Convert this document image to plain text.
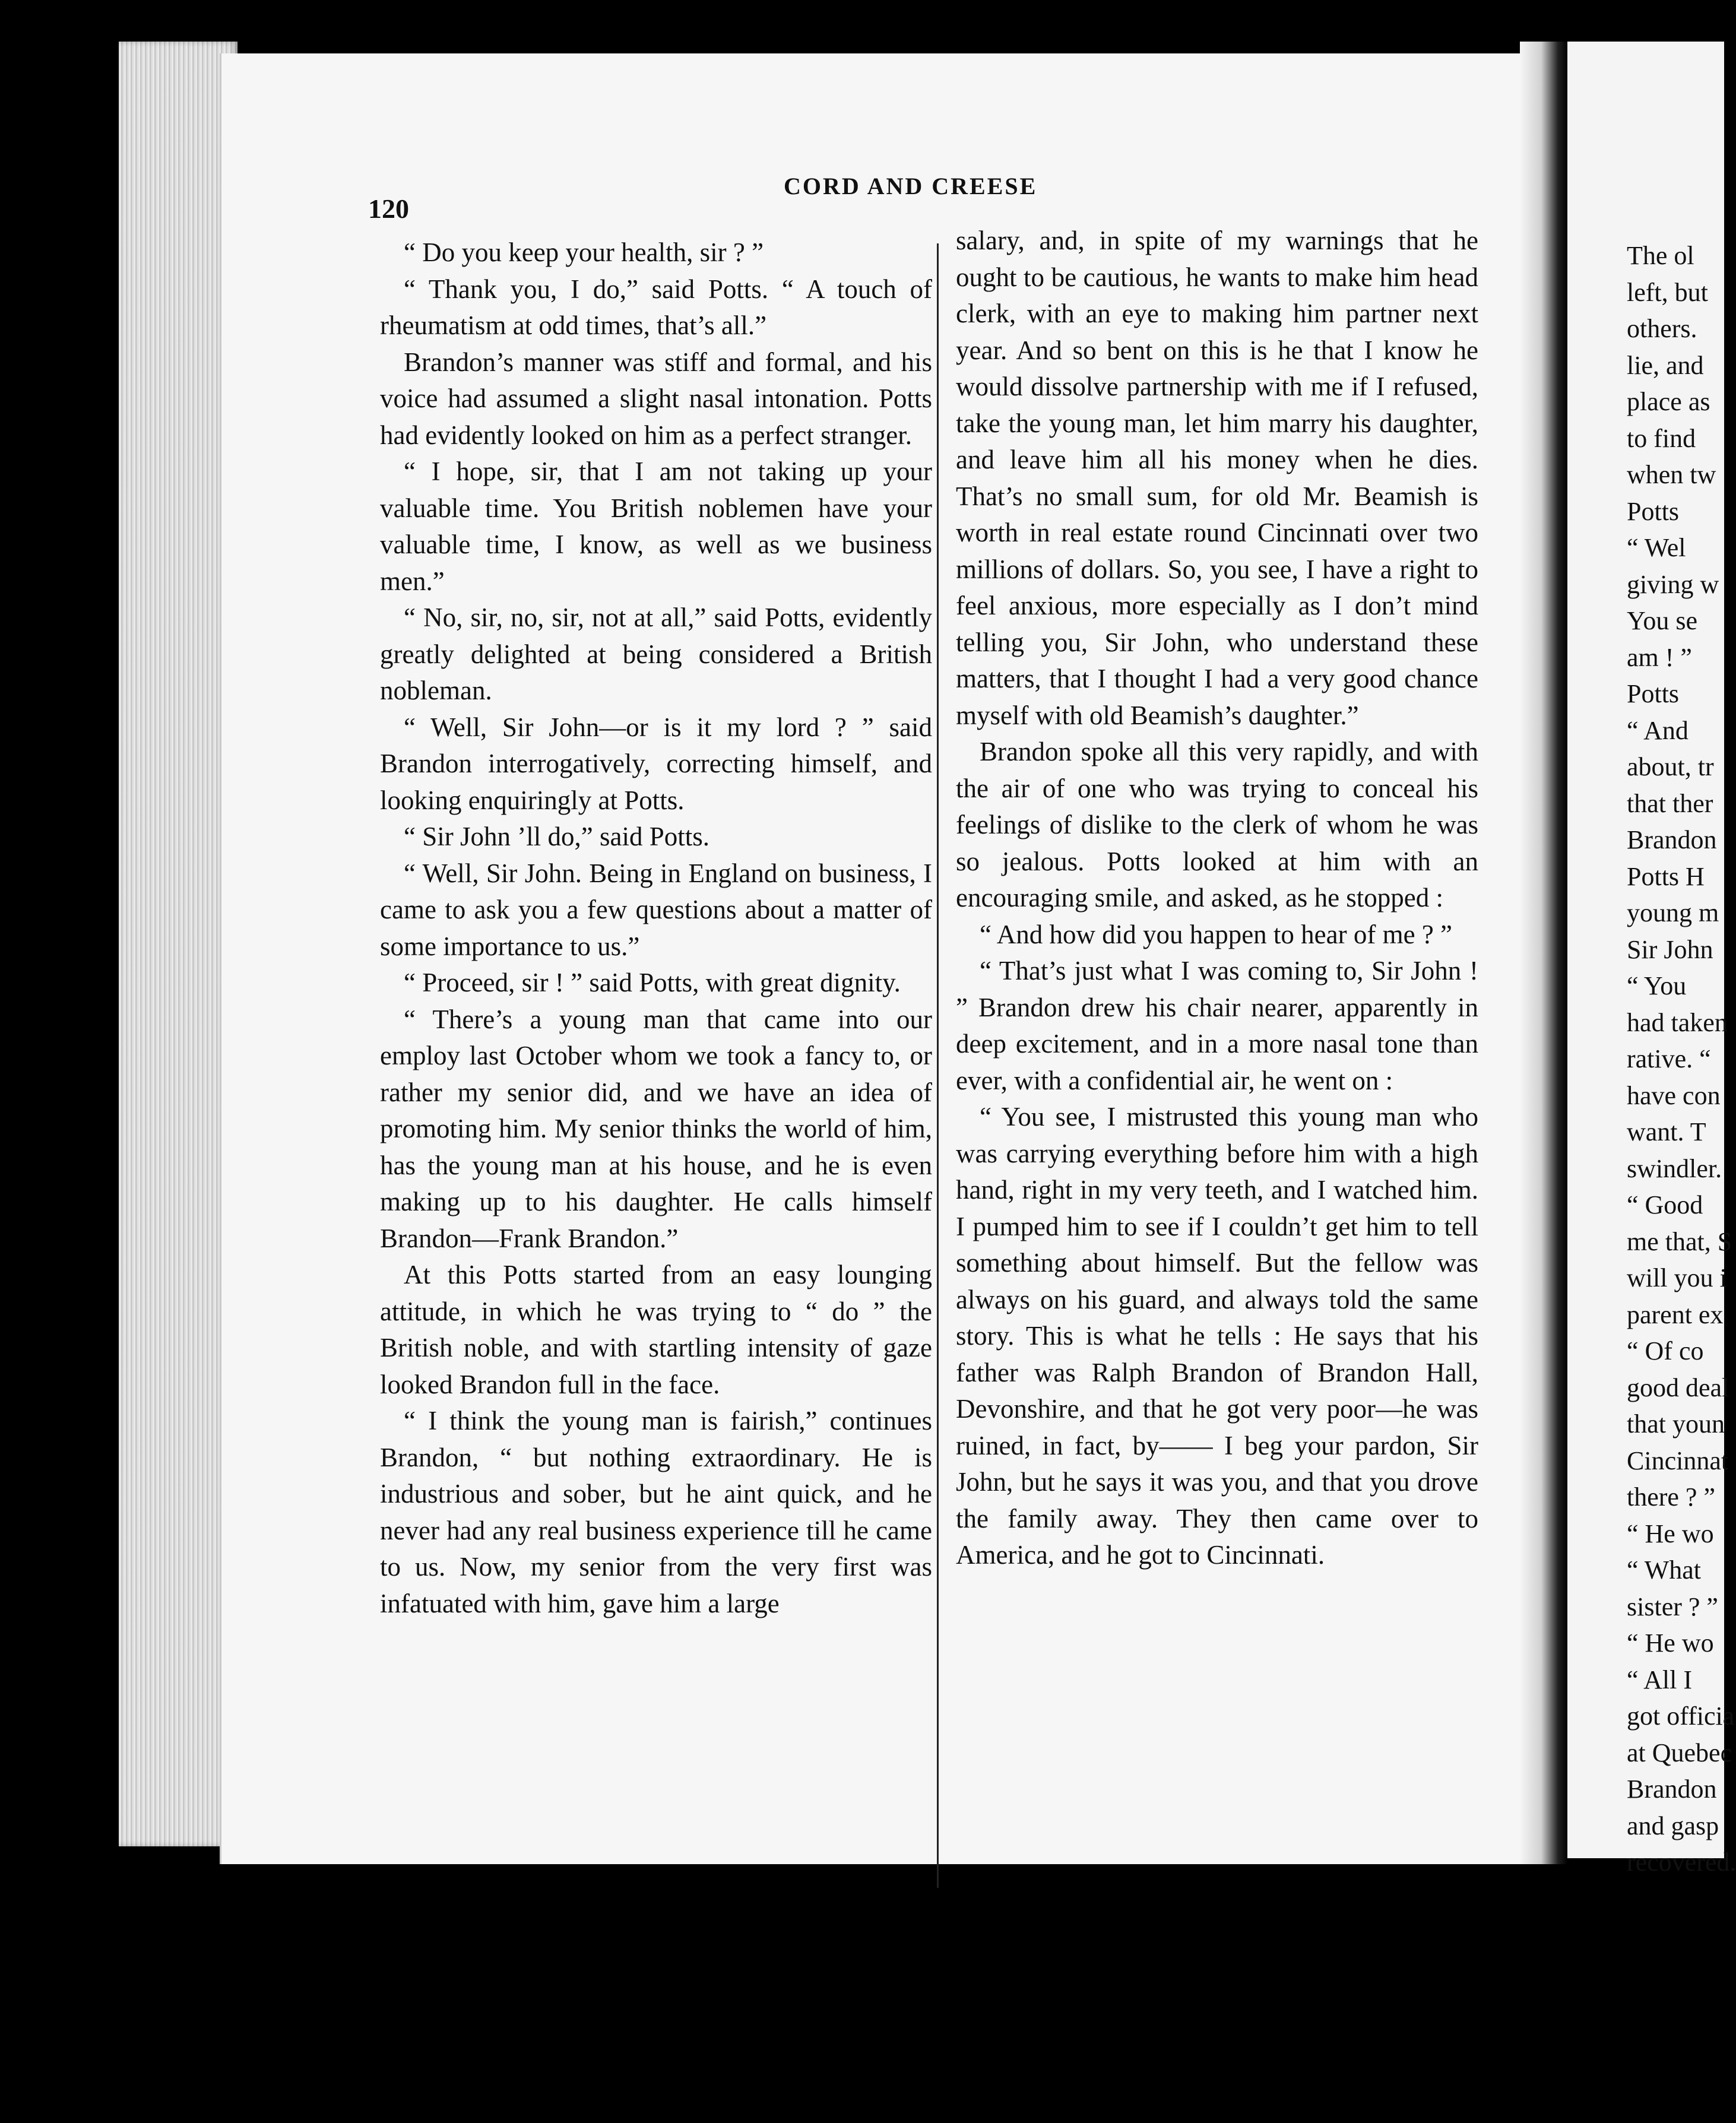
The ol
left, but
others.
lie, and
place as
to find
when tw
Potts
“ Wel
giving w
You se
am ! ”
Potts
“ And
about, tr
that ther
Brandon
Potts H
young m
Sir John
“ You
had taken
rative. “
have con
want. T
swindler.
“ Good
me that, S
will you i
parent ex
“ Of co
good deal
that youn
Cincinnat
there ? ”
“ He wo
“ What
sister ? ”
“ He wo
“ All I
got officia
at Quebec
Brandon
and gasp
recovered.
CORD AND CREESE
120

“ Do you keep your health, sir ? ”

“ Thank you, I do,” said Potts. “ A touch of rheumatism at odd times, that’s all.”

Brandon’s manner was stiff and formal, and his voice had assumed a slight nasal intonation. Potts had evidently looked on him as a perfect stranger.

“ I hope, sir, that I am not taking up your valuable time. You British noblemen have your valuable time, I know, as well as we business men.”

“ No, sir, no, sir, not at all,” said Potts, evidently greatly delighted at being considered a British nobleman.

“ Well, Sir John—or is it my lord ? ” said Brandon interrogatively, correcting himself, and looking enquiringly at Potts.

“ Sir John ’ll do,” said Potts.

“ Well, Sir John. Being in England on business, I came to ask you a few questions about a matter of some importance to us.”

“ Proceed, sir ! ” said Potts, with great dignity.

“ There’s a young man that came into our employ last October whom we took a fancy to, or rather my senior did, and we have an idea of promoting him. My senior thinks the world of him, has the young man at his house, and he is even making up to his daughter. He calls himself Brandon—Frank Brandon.”

At this Potts started from an easy lounging attitude, in which he was trying to “ do ” the British noble, and with startling intensity of gaze looked Brandon full in the face.

“ I think the young man is fairish,” continues Brandon, “ but nothing extraordinary. He is industrious and sober, but he aint quick, and he never had any real business experience till he came to us. Now, my senior from the very first was infatuated with him, gave him a large

salary, and, in spite of my warnings that he ought to be cautious, he wants to make him head clerk, with an eye to making him partner next year. And so bent on this is he that I know he would dissolve partnership with me if I refused, take the young man, let him marry his daughter, and leave him all his money when he dies. That’s no small sum, for old Mr. Beamish is worth in real estate round Cincinnati over two millions of dollars. So, you see, I have a right to feel anxious, more especially as I don’t mind telling you, Sir John, who understand these matters, that I thought I had a very good chance myself with old Beamish’s daughter.”

Brandon spoke all this very rapidly, and with the air of one who was trying to conceal his feelings of dislike to the clerk of whom he was so jealous. Potts looked at him with an encouraging smile, and asked, as he stopped :

“ And how did you happen to hear of me ? ”

“ That’s just what I was coming to, Sir John ! ” Brandon drew his chair nearer, apparently in deep excitement, and in a more nasal tone than ever, with a confidential air, he went on :

“ You see, I mistrusted this young man who was carrying everything before him with a high hand, right in my very teeth, and I watched him. I pumped him to see if I couldn’t get him to tell something about himself. But the fellow was always on his guard, and always told the same story. This is what he tells : He says that his father was Ralph Brandon of Brandon Hall, Devonshire, and that he got very poor—he was ruined, in fact, by—— I beg your pardon, Sir John, but he says it was you, and that you drove the family away. They then came over to America, and he got to Cincinnati.
